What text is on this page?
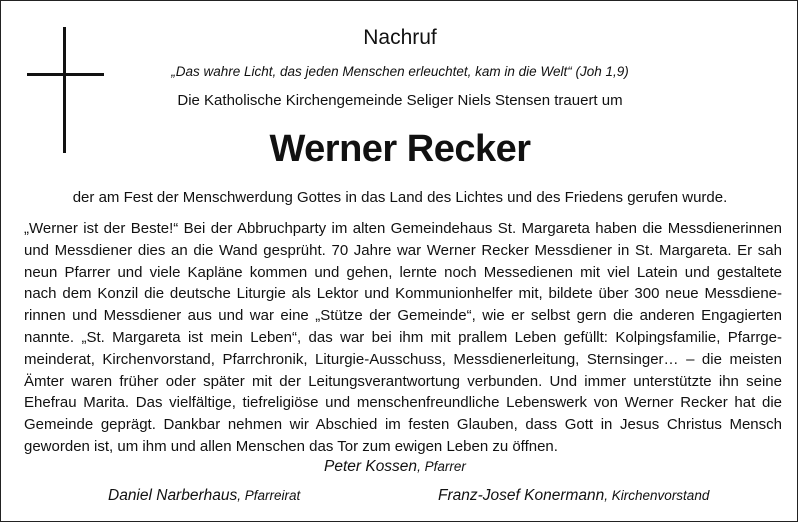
Nachruf
„Das wahre Licht, das jeden Menschen erleuchtet, kam in die Welt“ (Joh 1,9)
Die Katholische Kirchengemeinde Seliger Niels Stensen trauert um
Werner Recker
der am Fest der Menschwerdung Gottes in das Land des Lichtes und des Friedens gerufen wurde.
„Werner ist der Beste!“ Bei der Abbruchparty im alten Gemeindehaus St. Margareta haben die Messdienerinnen
und Messdiener dies an die Wand gesprüht. 70 Jahre war Werner Recker Messdiener in St. Margareta. Er sah
neun Pfarrer und viele Kapläne kommen und gehen, lernte noch Messedienen mit viel Latein und gestaltete
nach dem Konzil die deutsche Liturgie als Lektor und Kommunionhelfer mit, bildete über 300 neue Messdiene-
rinnen und Messdiener aus und war eine „Stütze der Gemeinde“, wie er selbst gern die anderen Engagierten
nannte. „St. Margareta ist mein Leben“, das war bei ihm mit prallem Leben gefüllt: Kolpingsfamilie, Pfarrge-
meinderat, Kirchenvorstand, Pfarrchronik, Liturgie-Ausschuss, Messdienerleitung, Sternsinger… – die meisten
Ämter waren früher oder später mit der Leitungsverantwortung verbunden. Und immer unterstützte ihn seine
Ehefrau Marita. Das vielfältige, tiefreligiöse und menschenfreundliche Lebenswerk von Werner Recker hat die
Gemeinde geprägt. Dankbar nehmen wir Abschied im festen Glauben, dass Gott in Jesus Christus Mensch
geworden ist, um ihm und allen Menschen das Tor zum ewigen Leben zu öffnen.
Peter Kossen, Pfarrer
Daniel Narberhaus, Pfarreirat	Franz-Josef Konermann, Kirchenvorstand
